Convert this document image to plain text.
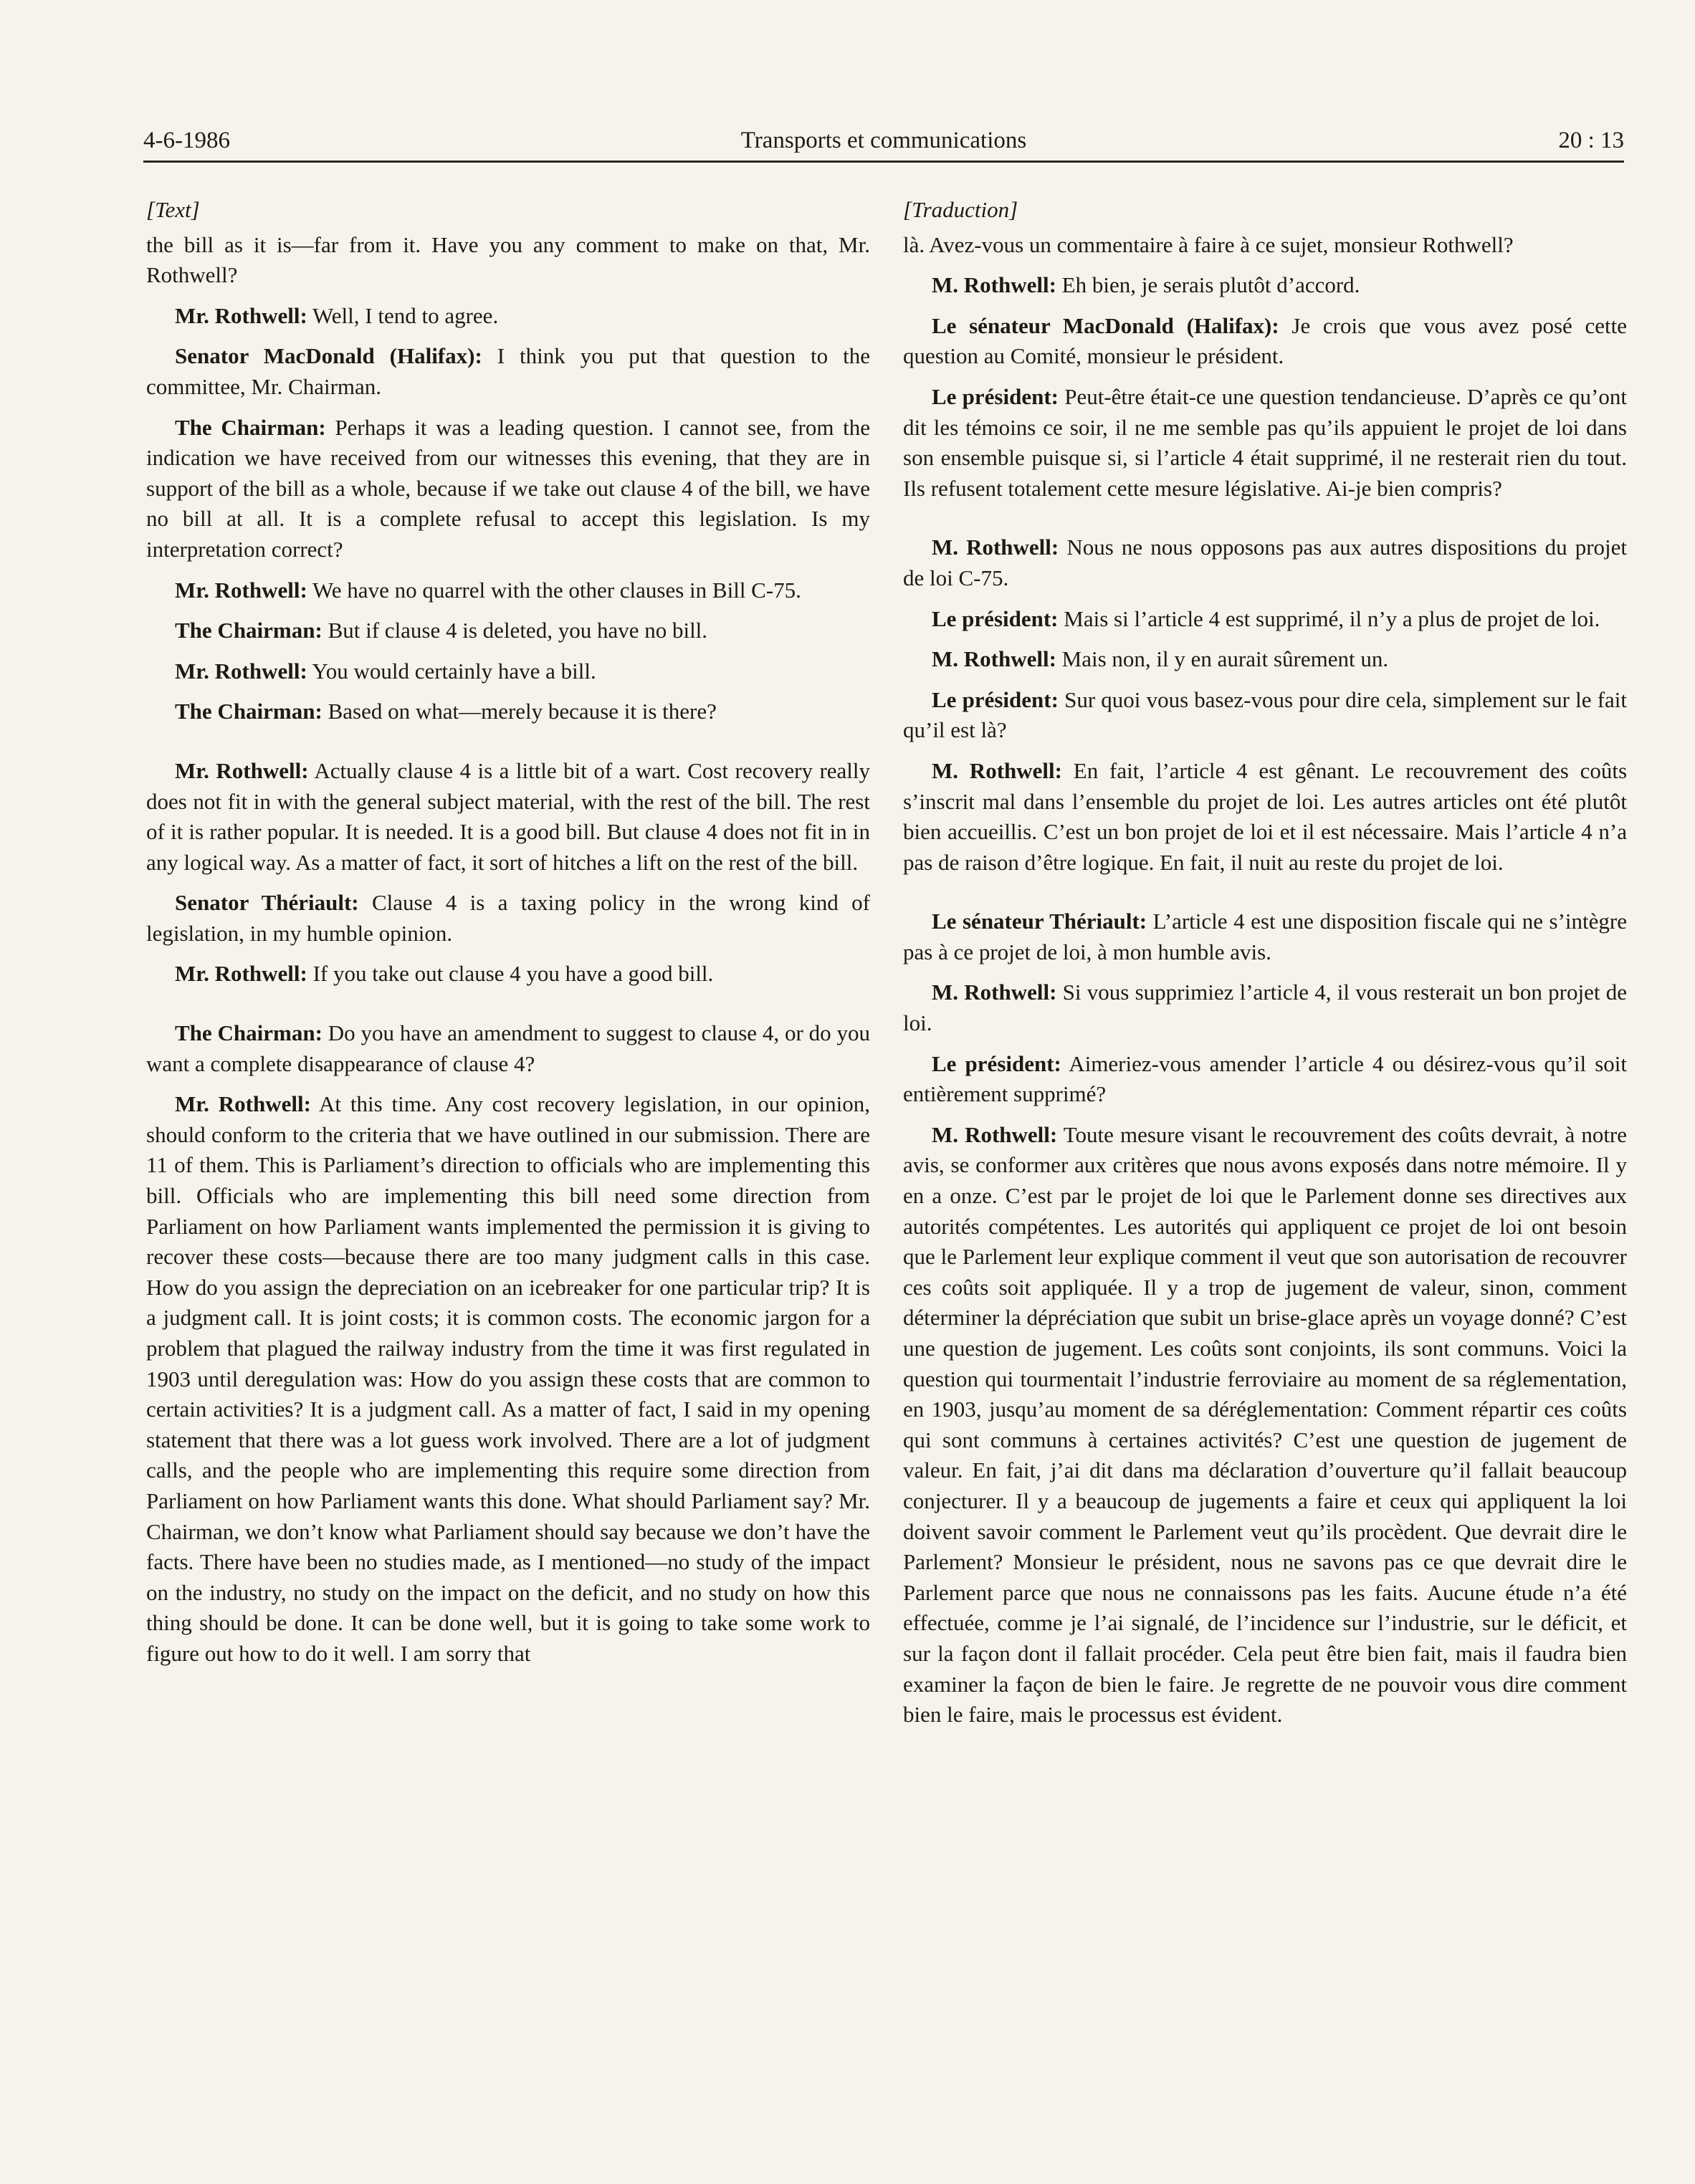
4-6-1986	Transports et communications	20 : 13
[Text]

the bill as it is—far from it. Have you any comment to make on that, Mr. Rothwell?

Mr. Rothwell: Well, I tend to agree.

Senator MacDonald (Halifax): I think you put that question to the committee, Mr. Chairman.

The Chairman: Perhaps it was a leading question. I cannot see, from the indication we have received from our witnesses this evening, that they are in support of the bill as a whole, because if we take out clause 4 of the bill, we have no bill at all. It is a complete refusal to accept this legislation. Is my interpretation correct?

Mr. Rothwell: We have no quarrel with the other clauses in Bill C-75.

The Chairman: But if clause 4 is deleted, you have no bill.

Mr. Rothwell: You would certainly have a bill.

The Chairman: Based on what—merely because it is there?

Mr. Rothwell: Actually clause 4 is a little bit of a wart. Cost recovery really does not fit in with the general subject material, with the rest of the bill. The rest of it is rather popular. It is needed. It is a good bill. But clause 4 does not fit in in any logical way. As a matter of fact, it sort of hitches a lift on the rest of the bill.

Senator Thériault: Clause 4 is a taxing policy in the wrong kind of legislation, in my humble opinion.

Mr. Rothwell: If you take out clause 4 you have a good bill.

The Chairman: Do you have an amendment to suggest to clause 4, or do you want a complete disappearance of clause 4?

Mr. Rothwell: At this time. Any cost recovery legislation, in our opinion, should conform to the criteria that we have outlined in our submission. There are 11 of them. This is Parliament’s direction to officials who are implementing this bill. Officials who are implementing this bill need some direction from Parliament on how Parliament wants implemented the permission it is giving to recover these costs—because there are too many judgment calls in this case. How do you assign the depreciation on an icebreaker for one particular trip? It is a judgment call. It is joint costs; it is common costs. The economic jargon for a problem that plagued the railway industry from the time it was first regulated in 1903 until deregulation was: How do you assign these costs that are common to certain activities? It is a judgment call. As a matter of fact, I said in my opening statement that there was a lot guess work involved. There are a lot of judgment calls, and the people who are implementing this require some direction from Parliament on how Parliament wants this done. What should Parliament say? Mr. Chairman, we don’t know what Parliament should say because we don’t have the facts. There have been no studies made, as I mentioned—no study of the impact on the industry, no study on the impact on the deficit, and no study on how this thing should be done. It can be done well, but it is going to take some work to figure out how to do it well. I am sorry that

[Traduction]

là. Avez-vous un commentaire à faire à ce sujet, monsieur Rothwell?

M. Rothwell: Eh bien, je serais plutôt d’accord.

Le sénateur MacDonald (Halifax): Je crois que vous avez posé cette question au Comité, monsieur le président.

Le président: Peut-être était-ce une question tendancieuse. D’après ce qu’ont dit les témoins ce soir, il ne me semble pas qu’ils appuient le projet de loi dans son ensemble puisque si, si l’article 4 était supprimé, il ne resterait rien du tout. Ils refusent totalement cette mesure législative. Ai-je bien compris?

M. Rothwell: Nous ne nous opposons pas aux autres dispositions du projet de loi C-75.

Le président: Mais si l’article 4 est supprimé, il n’y a plus de projet de loi.

M. Rothwell: Mais non, il y en aurait sûrement un.

Le président: Sur quoi vous basez-vous pour dire cela, simplement sur le fait qu’il est là?

M. Rothwell: En fait, l’article 4 est gênant. Le recouvrement des coûts s’inscrit mal dans l’ensemble du projet de loi. Les autres articles ont été plutôt bien accueillis. C’est un bon projet de loi et il est nécessaire. Mais l’article 4 n’a pas de raison d’être logique. En fait, il nuit au reste du projet de loi.

Le sénateur Thériault: L’article 4 est une disposition fiscale qui ne s’intègre pas à ce projet de loi, à mon humble avis.

M. Rothwell: Si vous supprimiez l’article 4, il vous resterait un bon projet de loi.

Le président: Aimeriez-vous amender l’article 4 ou désirez-vous qu’il soit entièrement supprimé?

M. Rothwell: Toute mesure visant le recouvrement des coûts devrait, à notre avis, se conformer aux critères que nous avons exposés dans notre mémoire. Il y en a onze. C’est par le projet de loi que le Parlement donne ses directives aux autorités compétentes. Les autorités qui appliquent ce projet de loi ont besoin que le Parlement leur explique comment il veut que son autorisation de recouvrer ces coûts soit appliquée. Il y a trop de jugement de valeur, sinon, comment déterminer la dépréciation que subit un brise-glace après un voyage donné? C’est une question de jugement. Les coûts sont conjoints, ils sont communs. Voici la question qui tourmentait l’industrie ferroviaire au moment de sa réglementation, en 1903, jusqu’au moment de sa déréglementation: Comment répartir ces coûts qui sont communs à certaines activités? C’est une question de jugement de valeur. En fait, j’ai dit dans ma déclaration d’ouverture qu’il fallait beaucoup conjecturer. Il y a beaucoup de jugements a faire et ceux qui appliquent la loi doivent savoir comment le Parlement veut qu’ils procèdent. Que devrait dire le Parlement? Monsieur le président, nous ne savons pas ce que devrait dire le Parlement parce que nous ne connaissons pas les faits. Aucune étude n’a été effectuée, comme je l’ai signalé, de l’incidence sur l’industrie, sur le déficit, et sur la façon dont il fallait procéder. Cela peut être bien fait, mais il faudra bien examiner la façon de bien le faire. Je regrette de ne pouvoir vous dire comment bien le faire, mais le processus est évident.
